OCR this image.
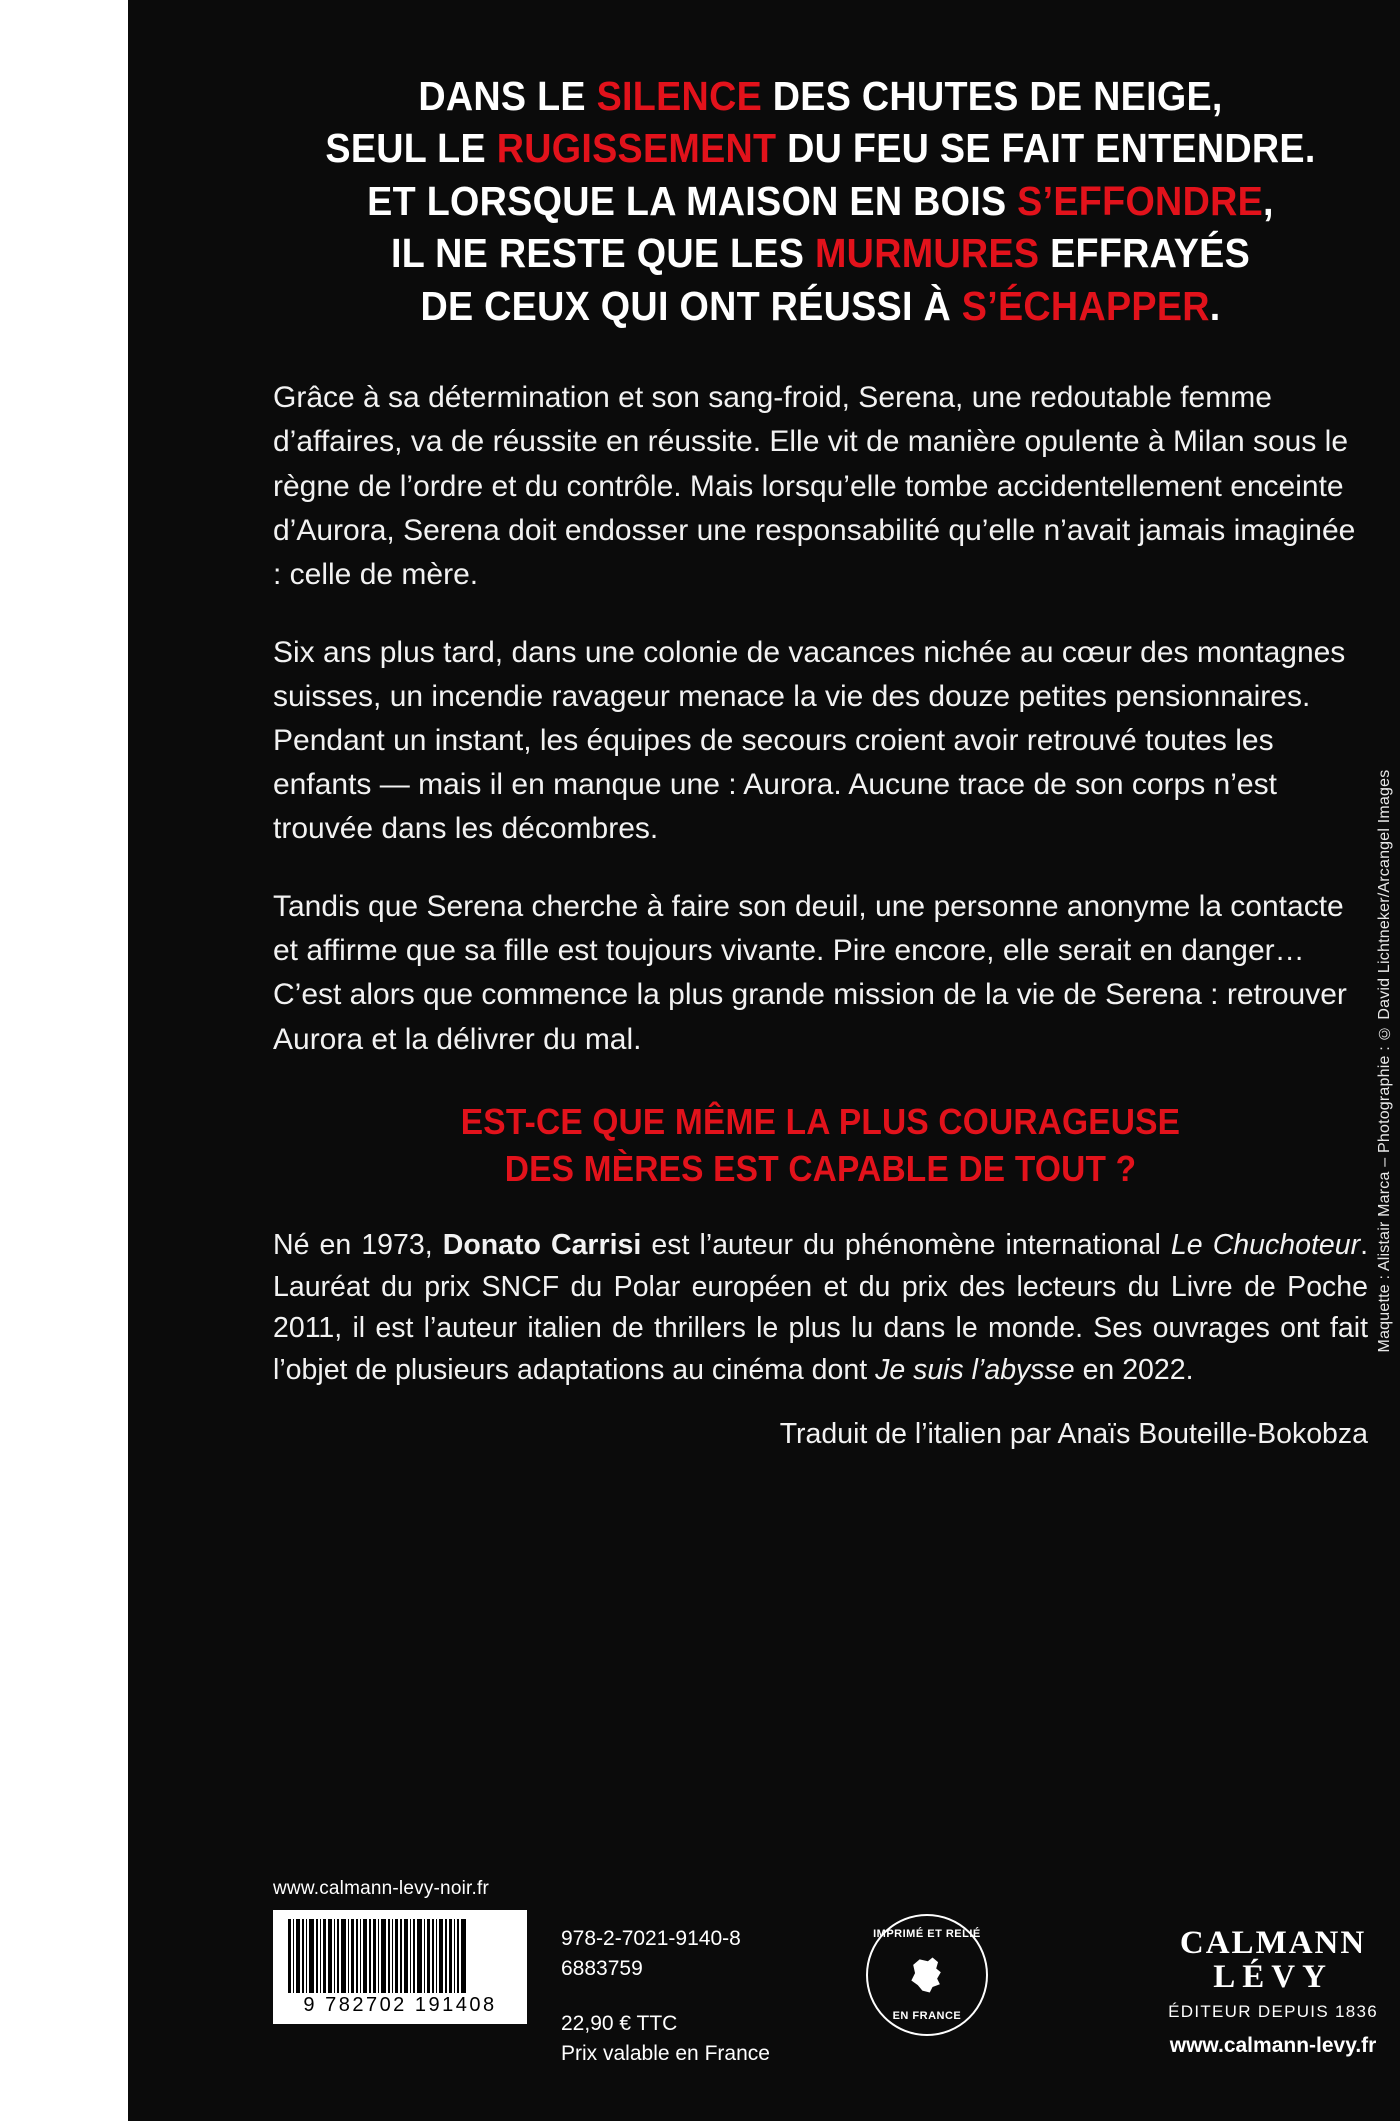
DANS LE SILENCE DES CHUTES DE NEIGE,
SEUL LE RUGISSEMENT DU FEU SE FAIT ENTENDRE.
ET LORSQUE LA MAISON EN BOIS S’EFFONDRE,
IL NE RESTE QUE LES MURMURES EFFRAYÉS
DE CEUX QUI ONT RÉUSSI À S’ÉCHAPPER.

Grâce à sa détermination et son sang-froid, Serena, une redoutable femme d’affaires, va de réussite en réussite. Elle vit de manière opulente à Milan sous le règne de l’ordre et du contrôle. Mais lorsqu’elle tombe accidentellement enceinte d’Aurora, Serena doit endosser une responsabilité qu’elle n’avait jamais imaginée : celle de mère.

Six ans plus tard, dans une colonie de vacances nichée au cœur des montagnes suisses, un incendie ravageur menace la vie des douze petites pensionnaires. Pendant un instant, les équipes de secours croient avoir retrouvé toutes les enfants — mais il en manque une : Aurora. Aucune trace de son corps n’est trouvée dans les décombres.

Tandis que Serena cherche à faire son deuil, une personne anonyme la contacte et affirme que sa fille est toujours vivante. Pire encore, elle serait en danger… C’est alors que commence la plus grande mission de la vie de Serena : retrouver Aurora et la délivrer du mal.

EST-CE QUE MÊME LA PLUS COURAGEUSE
DES MÈRES EST CAPABLE DE TOUT ?
Né en 1973, Donato Carrisi est l’auteur du phénomène international Le Chuchoteur. Lauréat du prix SNCF du Polar européen et du prix des lecteurs du Livre de Poche 2011, il est l’auteur italien de thrillers le plus lu dans le monde. Ses ouvrages ont fait l’objet de plusieurs adaptations au cinéma dont Je suis l’abysse en 2022.
Traduit de l’italien par Anaïs Bouteille-Bokobza
www.calmann-levy-noir.fr
9 782702 191408
978-2-7021-9140-8
6883759
22,90 € TTC
Prix valable en France
IMPRIMÉ ET RELIÉ
EN FRANCE
CALMANN
LÉVY
ÉDITEUR DEPUIS 1836
www.calmann-levy.fr
Maquette : Alistair Marca – Photographie : © David Lichtneker/Arcangel Images
